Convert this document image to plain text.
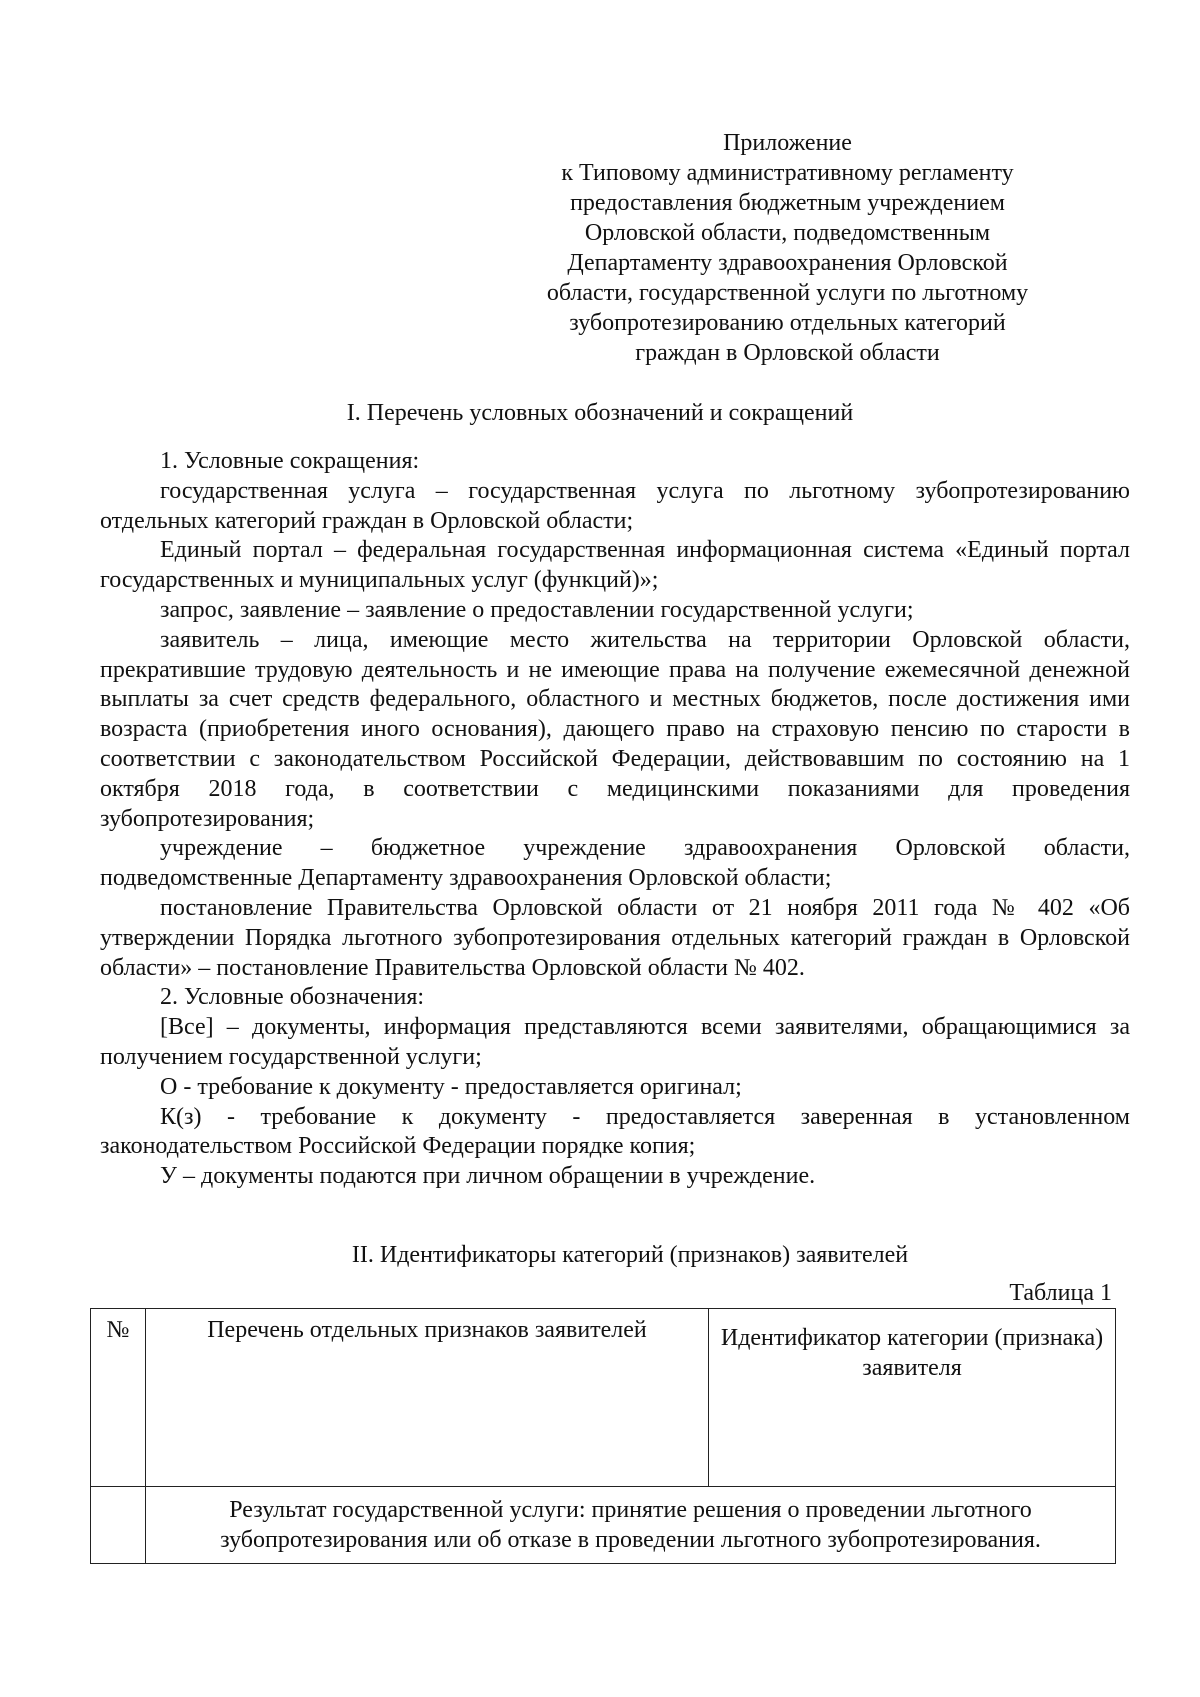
Приложение
к Типовому административному регламенту
предоставления бюджетным учреждением
Орловской области, подведомственным
Департаменту здравоохранения Орловской
области, государственной услуги по льготному
зубопротезированию отдельных категорий
граждан в Орловской области
I. Перечень условных обозначений и сокращений

1. Условные сокращения:

государственная услуга – государственная услуга по льготному зубопротезированию отдельных категорий граждан в Орловской области;

Единый портал – федеральная государственная информационная система «Единый портал государственных и муниципальных услуг (функций)»;

запрос, заявление – заявление о предоставлении государственной услуги;

заявитель – лица, имеющие место жительства на территории Орловской области, прекратившие трудовую деятельность и не имеющие права на получение ежемесячной денежной выплаты за счет средств федерального, областного и местных бюджетов, после достижения ими возраста (приобретения иного основания), дающего право на страховую пенсию по старости в соответствии с законодательством Российской Федерации, действовавшим по состоянию на 1 октября 2018 года, в соответствии с медицинскими показаниями для проведения зубопротезирования;

учреждение – бюджетное учреждение здравоохранения Орловской области, подведомственные Департаменту здравоохранения Орловской области;

постановление Правительства Орловской области от 21 ноября 2011 года № 402 «Об утверждении Порядка льготного зубопротезирования отдельных категорий граждан в Орловской области» – постановление Правительства Орловской области № 402.

2. Условные обозначения:

[Все] – документы, информация представляются всеми заявителями, обращающимися за получением государственной услуги;

О - требование к документу - предоставляется оригинал;

К(з) - требование к документу - предоставляется заверенная в установленном законодательством Российской Федерации порядке копия;

У – документы подаются при личном обращении в учреждение.

II. Идентификаторы категорий (признаков) заявителей
Таблица 1
№	Перечень отдельных признаков заявителей	Идентификатор категории (признака) заявителя
	Результат государственной услуги: принятие решения о проведении льготного зубопротезирования или об отказе в проведении льготного зубопротезирования.	
